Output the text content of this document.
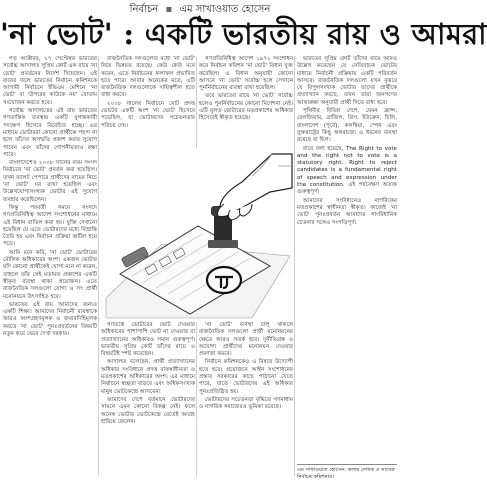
নির্বাচন ▪ এম সাখাওয়াত হোসেন
'না ভোট' : একটি ভারতীয় রায় ও আমরা

গত অক্টোবর, ২৭ সেপ্টেম্বর ভারতের সর্বোচ্চ আদালত সুপ্রিম কোর্ট এক রায়ে 'না ভোট' প্রবর্তনের নির্দেশ দিয়েছেন। এই রায়ের ফলে ভারতের নির্বাচন কমিশনকে আগামী নির্বাচনে ইভিএম মেশিনে 'না ভোট' বা 'উপরের কাউকে নয়' বোতাম সংযোজন করতে হবে।

সর্বোচ্চ আদালতের এই রায় ভারতের গণতান্ত্রিক ব্যবস্থায় একটি যুগান্তকারী পদক্ষেপ হিসেবে বিবেচিত হচ্ছে। এর মাধ্যমে ভোটাররা কোনো প্রার্থীকে পছন্দ না হলে তাঁদের অসম্মতি প্রকাশ করার সুযোগ পাবেন এবং তাঁদের গোপনীয়তাও রক্ষা পাবে।

বাংলাদেশেও ২০০৮ সালের নবম সংসদ নির্বাচনে 'না ভোট' প্রবর্তন করা হয়েছিল। তখন ব্যালট পেপারে প্রার্থীদের নামের নিচে 'না ভোট' ঘর রাখা হয়েছিল এবং উল্লেখযোগ্যসংখ্যক ভোটার এই সুযোগ ব্যবহার করেছিলেন।

কিন্তু পরবর্তী সময়ে সংসদে গণপ্রতিনিধিত্ব আদেশ সংশোধনের মাধ্যমে এই বিধান বাতিল করা হয়। যুক্তি দেখানো হয়েছিল যে এতে ভোটারদের মধ্যে বিভ্রান্তি তৈরি হয় এবং নির্বাচন প্রক্রিয়া জটিল হয়ে পড়ে।

আমি মনে করি, 'না ভোট' ভোটারের মৌলিক অধিকারের অংশ। একজন ভোটার যদি কোনো প্রার্থীকেই যোগ্য মনে না করেন, তাহলে তাঁর সেই মতামত প্রকাশের একটি স্বীকৃত ব্যবস্থা থাকা প্রয়োজন। এতে রাজনৈতিক দলগুলো যোগ্য ও সৎ প্রার্থী মনোনয়নে উৎসাহিত হবে।

ভারতের এই রায় আমাদের জন্যও একটি শিক্ষা। আমাদের নির্বাচনী ব্যবস্থাকে আরও অংশগ্রহণমূলক ও জবাবদিহিমূলক করতে 'না ভোট' পুনঃপ্রবর্তনের বিষয়টি নতুন করে ভেবে দেখা দরকার।

রাজনৈতিক দলগুলোর মধ্যে 'না ভোট' নিয়ে ভিন্নমত রয়েছে। কেউ কেউ মনে করেন, এতে নির্বাচনের ফলাফল প্রভাবিত হতে পারে। আবার অনেকের মতে, এটি রাজনৈতিক দলগুলোকে দায়িত্বশীল হতে বাধ্য করবে।

২০০৮ সালের নির্বাচনে মোট প্রদত্ত ভোটের একটি অংশ 'না ভোট' হিসেবে পড়েছিল, যা ভোটারদের সচেতনতার পরিচয় দেয়।

গণপ্রতিনিধিত্ব আদেশ ১৯৭২ সংশোধন করে নির্বাচন কমিশন 'না ভোট' বিধান যুক্ত করেছিল। এ বিধান অনুযায়ী কোনো আসনে 'না ভোট' সর্বোচ্চ হলে সেখানে পুনর্নির্বাচনের ব্যবস্থা রাখা হয়েছিল।

তবে ভারতের রায়ে 'না ভোট' সর্বোচ্চ হলেও পুনর্নির্বাচনের কোনো নির্দেশনা নেই। এটি মূলত ভোটারের মতপ্রকাশের অধিকার হিসেবেই স্বীকৃত হয়েছে।

গণতন্ত্রে ভোটারের ভোট দেওয়ার অধিকারের পাশাপাশি ভোট না দেওয়ার বা প্রত্যাখ্যানের অধিকারও সমান গুরুত্বপূর্ণ। ভারতীয় সুপ্রিম কোর্ট তাঁদের রায়ে এ বিষয়টিই স্পষ্ট করেছেন।

আদালত বলেছেন, প্রার্থী প্রত্যাখ্যানের অধিকার সংবিধানে প্রদত্ত বাকস্বাধীনতা ও মতপ্রকাশের অধিকারের অংশ। এর মাধ্যমে নির্বাচনে স্বচ্ছতা বাড়বে এবং অধিকসংখ্যক মানুষ ভোটকেন্দ্রে আসবেন।

আমাদের দেশে বর্তমানে ভোটারদের সামনে এমন কোনো বিকল্প নেই। ফলে অনেক ভোটার ভোটকেন্দ্রে যেতেই আগ্রহ হারিয়ে ফেলেন।

'না ভোট' ব্যবস্থা চালু থাকলে রাজনৈতিক দলগুলো প্রার্থী মনোনয়নের ক্ষেত্রে আরও সতর্ক হবে। দুর্নীতিগ্রস্ত ও অযোগ্য প্রার্থীদের মনোনয়ন দেওয়ার প্রবণতা কমবে।

নির্বাচন কমিশনকেও এ বিষয়ে উদ্যোগী হতে হবে। প্রয়োজনে আইন সংশোধনের প্রস্তাব সরকারের কাছে পাঠানো যেতে পারে, যাতে ভোটারদের এই অধিকার পুনঃপ্রতিষ্ঠিত হয়।

ভোটারদের সচেতনতা বৃদ্ধিতে গণমাধ্যম ও নাগরিক সমাজেরও ভূমিকা রয়েছে।

ভারতের সুপ্রিম কোর্ট তাঁদের রায়ে আরও উল্লেখ করেছেন যে নেতিবাচক ভোটের মাধ্যমে নির্বাচনী প্রক্রিয়ায় একটি পরিবর্তন আসবে। রাজনৈতিক দলগুলো যখন বুঝবে যে বিপুলসংখ্যক ভোটার তাদের প্রার্থীকে প্রত্যাখ্যান করছে, তখন তারা জনগণের আকাঙ্ক্ষা অনুযায়ী প্রার্থী দিতে বাধ্য হবে।

পৃথিবীর বিভিন্ন দেশে, যেমন ফ্রান্স, বেলজিয়াম, ব্রাজিল, গ্রিস, ইউক্রেন, চিলি, বাংলাদেশ (পূর্বে), কলম্বিয়া, স্পেন এবং যুক্তরাষ্ট্রের কিছু অঙ্গরাজ্যে এ ধরনের ব্যবস্থা রয়েছে বা ছিল।

রায়ে বলা হয়েছে, The Right to vote and the right not to vote is a statutory right. Right to reject candidates is a fundamental right of speech and expression under the constitution. এই পর্যবেক্ষণ অত্যন্ত গুরুত্বপূর্ণ।

আমাদের সংবিধানেও নাগরিকের মতপ্রকাশের স্বাধীনতা স্বীকৃত। কাজেই 'না ভোট' পুনঃপ্রবর্তন আমাদের সাংবিধানিক চেতনার সঙ্গেও সংগতিপূর্ণ।

এম সাখাওয়াত হোসেন: কলাম লেখক ও সাবেক নির্বাচন কমিশনার।
